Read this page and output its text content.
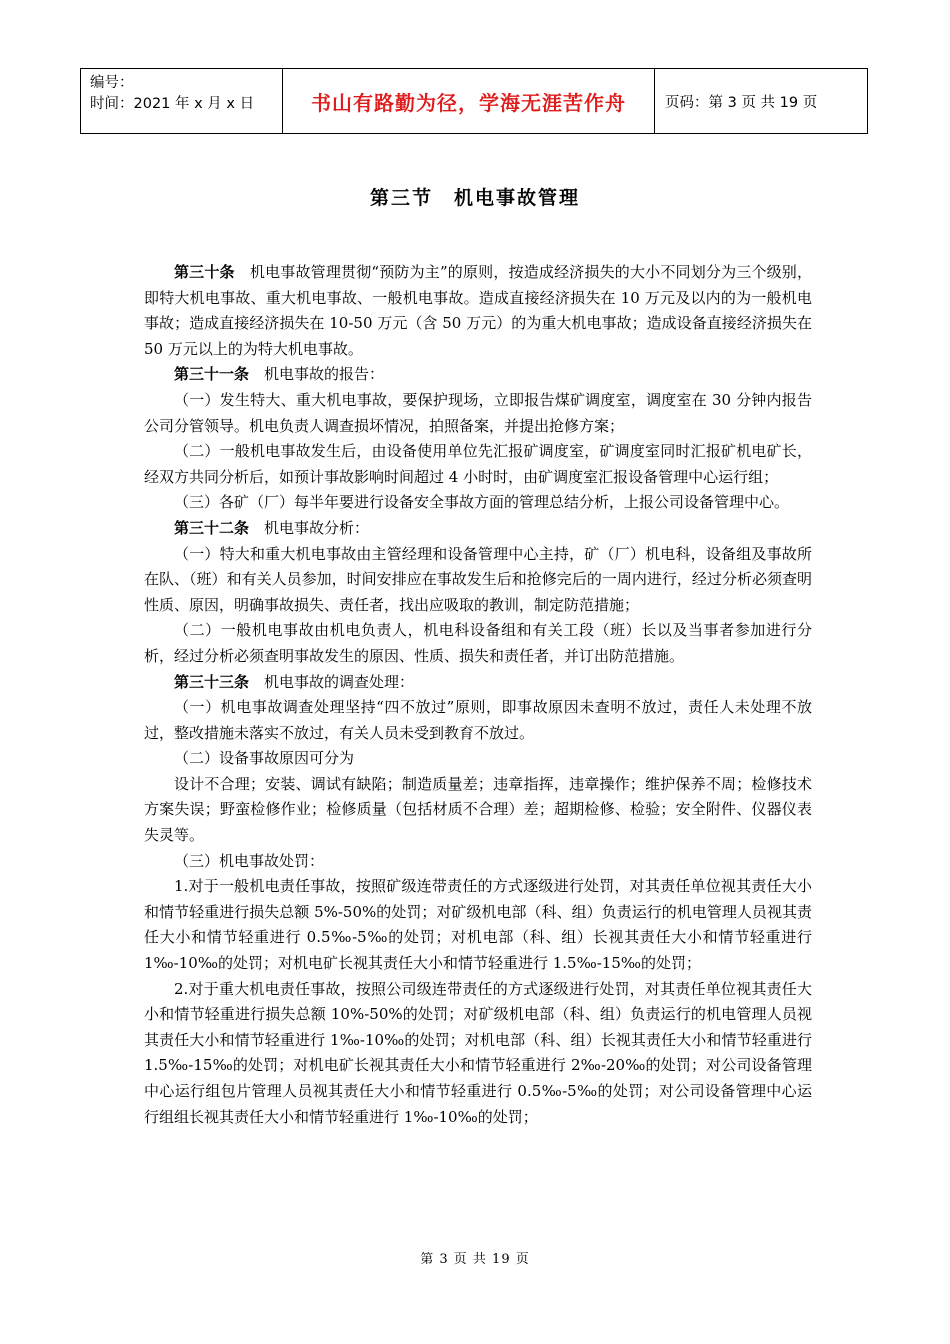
编号：
时间：2021 年 x 月 x 日	书山有路勤为径，学海无涯苦作舟	页码：第 3 页 共 19 页
第三节　机电事故管理

第三十条　机电事故管理贯彻“预防为主”的原则，按造成经济损失的大小不同划分为三个级别，即特大机电事故、重大机电事故、一般机电事故。造成直接经济损失在 10 万元及以内的为一般机电事故；造成直接经济损失在 10-50 万元（含 50 万元）的为重大机电事故；造成设备直接经济损失在 50 万元以上的为特大机电事故。

第三十一条　机电事故的报告：

（一）发生特大、重大机电事故，要保护现场，立即报告煤矿调度室，调度室在 30 分钟内报告公司分管领导。机电负责人调查损坏情况，拍照备案，并提出抢修方案；

（二）一般机电事故发生后，由设备使用单位先汇报矿调度室，矿调度室同时汇报矿机电矿长，经双方共同分析后，如预计事故影响时间超过 4 小时时，由矿调度室汇报设备管理中心运行组；

（三）各矿（厂）每半年要进行设备安全事故方面的管理总结分析，上报公司设备管理中心。

第三十二条　机电事故分析：

（一）特大和重大机电事故由主管经理和设备管理中心主持，矿（厂）机电科，设备组及事故所在队、（班）和有关人员参加，时间安排应在事故发生后和抢修完后的一周内进行，经过分析必须查明性质、原因，明确事故损失、责任者，找出应吸取的教训，制定防范措施；

（二）一般机电事故由机电负责人，机电科设备组和有关工段（班）长以及当事者参加进行分析，经过分析必须查明事故发生的原因、性质、损失和责任者，并订出防范措施。

第三十三条　机电事故的调查处理：

（一）机电事故调查处理坚持“四不放过”原则，即事故原因未查明不放过，责任人未处理不放过，整改措施未落实不放过，有关人员未受到教育不放过。

（二）设备事故原因可分为

设计不合理；安装、调试有缺陷；制造质量差；违章指挥，违章操作；维护保养不周；检修技术方案失误；野蛮检修作业；检修质量（包括材质不合理）差；超期检修、检验；安全附件、仪器仪表失灵等。

（三）机电事故处罚：

1.对于一般机电责任事故，按照矿级连带责任的方式逐级进行处罚，对其责任单位视其责任大小和情节轻重进行损失总额 5%-50%的处罚；对矿级机电部（科、组）负责运行的机电管理人员视其责任大小和情节轻重进行 0.5‰-5‰的处罚；对机电部（科、组）长视其责任大小和情节轻重进行 1‰-10‰的处罚；对机电矿长视其责任大小和情节轻重进行 1.5‰-15‰的处罚；

2.对于重大机电责任事故，按照公司级连带责任的方式逐级进行处罚，对其责任单位视其责任大小和情节轻重进行损失总额 10%-50%的处罚；对矿级机电部（科、组）负责运行的机电管理人员视其责任大小和情节轻重进行 1‰-10‰的处罚；对机电部（科、组）长视其责任大小和情节轻重进行 1.5‰-15‰的处罚；对机电矿长视其责任大小和情节轻重进行 2‰-20‰的处罚；对公司设备管理中心运行组包片管理人员视其责任大小和情节轻重进行 0.5‰-5‰的处罚；对公司设备管理中心运行组组长视其责任大小和情节轻重进行 1‰-10‰的处罚；

第 3 页 共 19 页
